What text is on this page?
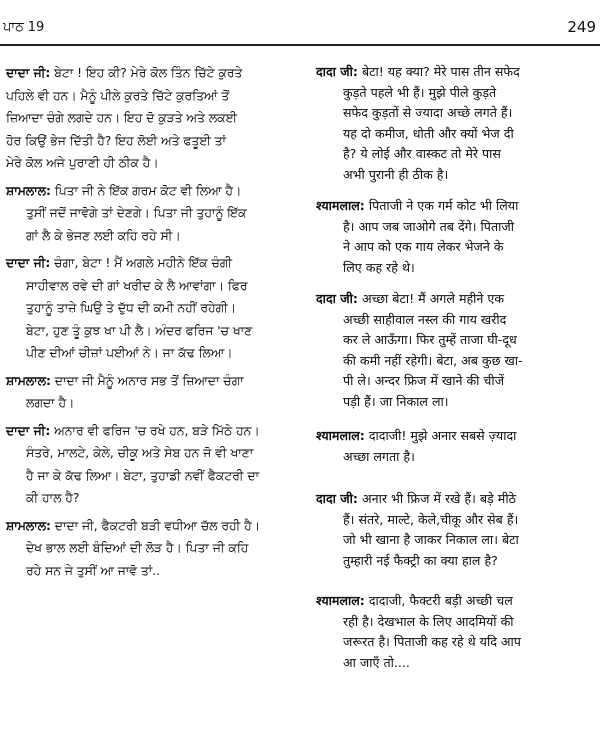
ਪਾਠ 19	249
ਦਾਦਾ ਜੀ: ਬੇਟਾ ! ਇਹ ਕੀ? ਮੇਰੇ ਕੋਲ ਤਿੰਨ ਚਿੱਟੇ ਕੁਰਤੇ
ਪਹਿਲੇ ਵੀ ਹਨ। ਮੈਨੂੰ ਪੀਲੇ ਕੁਰਤੇ ਚਿੱਟੇ ਕੁਰਤਿਆਂ ਤੋਂ
ਜ਼ਿਆਦਾ ਚੰਗੇ ਲਗਦੇ ਹਨ। ਇਹ ਦੋ ਕੁੜਤੇ ਅਤੇ ਲਕਈ
ਹੋਰ ਕਿਉਂ ਭੇਜ ਦਿੱਤੀ ਹੈ? ਇਹ ਲੋਈ ਅਤੇ ਫਤੂਈ ਤਾਂ
ਮੇਰੇ ਕੋਲ ਅਜੇ ਪੁਰਾਣੀ ਹੀ ਠੀਕ ਹੈ।
ਸ਼ਾਮਲਾਲ: ਪਿਤਾ ਜੀ ਨੇ ਇੱਕ ਗਰਮ ਕੋਟ ਵੀ ਲਿਆ ਹੈ।
ਤੁਸੀਂ ਜਦੋਂ ਜਾਵੋਗੇ ਤਾਂ ਦੇਣਗੇ। ਪਿਤਾ ਜੀ ਤੁਹਾਨੂੰ ਇੱਕ
ਗਾਂ ਲੈ ਕੇ ਭੇਜਣ ਲਈ ਕਹਿ ਰਹੇ ਸੀ।
ਦਾਦਾ ਜੀ: ਚੰਗਾ, ਬੇਟਾ ! ਮੈਂ ਅਗਲੇ ਮਹੀਨੇ ਇੱਕ ਚੰਗੀ
ਸਾਹੀਵਾਲ ਰਵੇ ਦੀ ਗਾਂ ਖਰੀਦ ਕੇ ਲੈ ਆਵਾਂਗਾ। ਫਿਰ
ਤੁਹਾਨੂੰ ਤਾਜ਼ੇ ਘਿਉ ਤੇ ਦੁੱਧ ਦੀ ਕਮੀ ਨਹੀਂ ਰਹੇਗੀ।
ਬੇਟਾ, ਹੁਣ ਤੂੰ ਕੁਝ ਖਾ ਪੀ ਲੈ। ਅੰਦਰ ਫਰਿਜ 'ਚ ਖਾਣ
ਪੀਣ ਦੀਆਂ ਚੀਜ਼ਾਂ ਪਈਆਂ ਨੇ। ਜਾ ਕੱਢ ਲਿਆ।
ਸ਼ਾਮਲਾਲ: ਦਾਦਾ ਜੀ ਮੈਨੂੰ ਅਨਾਰ ਸਭ ਤੋਂ ਜ਼ਿਆਦਾ ਚੰਗਾ
ਲਗਦਾ ਹੈ।
ਦਾਦਾ ਜੀ: ਅਨਾਰ ਵੀ ਫਰਿਜ 'ਚ ਰਖੇ ਹਨ, ਬੜੇ ਮਿੱਠੇ ਹਨ।
ਸੰਤਰੇ, ਮਾਲਟੇ, ਕੇਲੇ, ਚੀਕੂ ਅਤੇ ਸੇਬ ਹਨ ਜੋ ਵੀ ਖਾਣਾ
ਹੈ ਜਾ ਕੇ ਕੱਢ ਲਿਆ। ਬੇਟਾ, ਤੁਹਾਡੀ ਨਵੀਂ ਫੈਕਟਰੀ ਦਾ
ਕੀ ਹਾਲ ਹੈ?
ਸ਼ਾਮਲਾਲ: ਦਾਦਾ ਜੀ, ਫੈਕਟਰੀ ਬੜੀ ਵਧੀਆ ਚੱਲ ਰਹੀ ਹੈ।
ਦੇਖ ਭਾਲ ਲਈ ਬੰਦਿਆਂ ਦੀ ਲੋੜ ਹੈ। ਪਿਤਾ ਜੀ ਕਹਿ
ਰਹੇ ਸਨ ਜੇ ਤੁਸੀਂ ਆ ਜਾਵੋ ਤਾਂ..
दादा जी: बेटा! यह क्या? मेरे पास तीन सफेद
कुड़ते पहले भी हैं। मुझे पीले कुड़ते
सफेद कुड़तों से ज्यादा अच्छे लगते हैं।
यह दो कमीज, धोती और क्यों भेज दी
है? ये लोई और वास्कट तो मेरे पास
अभी पुरानी ही ठीक है।
श्यामलाल: पिताजी ने एक गर्म कोट भी लिया
है। आप जब जाओगे तब देंगे। पिताजी
ने आप को एक गाय लेकर भेजने के
लिए कह रहे थे।
दादा जी: अच्छा बेटा! मैं अगले महीने एक
अच्छी साहीवाल नस्ल की गाय खरीद
कर ले आऊँगा। फिर तुम्हें ताजा घी-दूध
की कमी नहीं रहेगी। बेटा, अब कुछ खा-
पी ले। अन्दर फ्रिज में खाने की चीजें
पड़ी हैं। जा निकाल ला।
श्यामलाल: दादाजी! मुझे अनार सबसे ज़्यादा
अच्छा लगता है।
दादा जी: अनार भी फ्रिज में रखे हैं। बड़े मीठे
हैं। संतरे, माल्टे, केले,चीकू और सेब हैं।
जो भी खाना है जाकर निकाल ला। बेटा
तुम्हारी नई फैक्ट्री का क्या हाल है?
श्यामलाल: दादाजी, फैक्टरी बड़ी अच्छी चल
रही है। देखभाल के लिए आदमियों की
जरूरत है। पिताजी कह रहे थे यदि आप
आ जाएँ तो....
